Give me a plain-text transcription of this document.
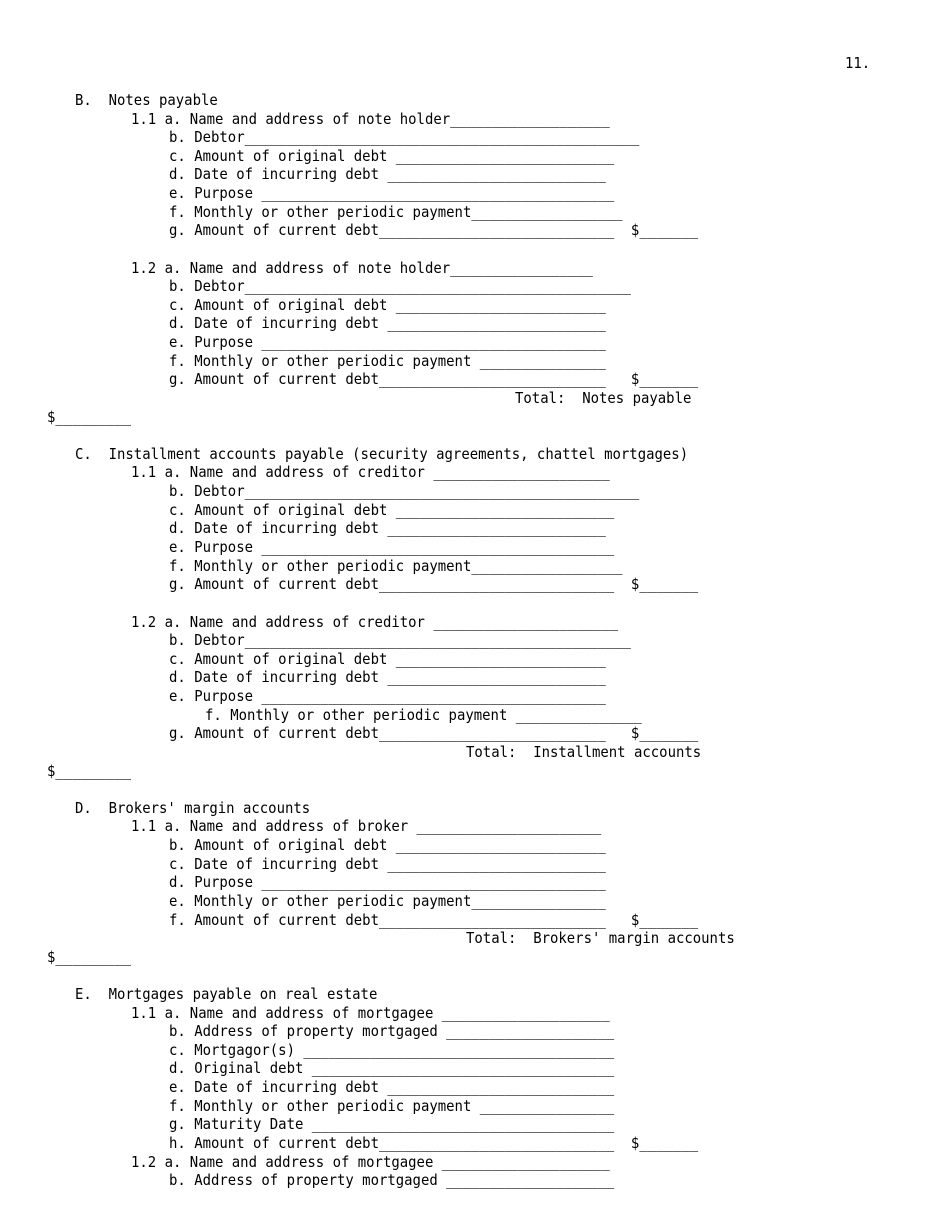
11.
B.  Notes payable
1.1 a. Name and address of note holder___________________
b. Debtor_______________________________________________
c. Amount of original debt __________________________
d. Date of incurring debt __________________________
e. Purpose __________________________________________
f. Monthly or other periodic payment__________________
g. Amount of current debt____________________________  $_______
1.2 a. Name and address of note holder_________________
b. Debtor______________________________________________
c. Amount of original debt _________________________
d. Date of incurring debt __________________________
e. Purpose _________________________________________
f. Monthly or other periodic payment _______________
g. Amount of current debt___________________________   $_______
Total:  Notes payable
$_________
C.  Installment accounts payable (security agreements, chattel mortgages)
1.1 a. Name and address of creditor _____________________
b. Debtor_______________________________________________
c. Amount of original debt __________________________
d. Date of incurring debt __________________________
e. Purpose __________________________________________
f. Monthly or other periodic payment__________________
g. Amount of current debt____________________________  $_______
1.2 a. Name and address of creditor ______________________
b. Debtor______________________________________________
c. Amount of original debt _________________________
d. Date of incurring debt __________________________
e. Purpose _________________________________________
f. Monthly or other periodic payment _______________
g. Amount of current debt___________________________   $_______
Total:  Installment accounts
$_________
D.  Brokers' margin accounts
1.1 a. Name and address of broker ______________________
b. Amount of original debt _________________________
c. Date of incurring debt __________________________
d. Purpose _________________________________________
e. Monthly or other periodic payment________________
f. Amount of current debt___________________________   $_______
Total:  Brokers' margin accounts
$_________
E.  Mortgages payable on real estate
1.1 a. Name and address of mortgagee ____________________
b. Address of property mortgaged ____________________
c. Mortgagor(s) _____________________________________
d. Original debt ____________________________________
e. Date of incurring debt ___________________________
f. Monthly or other periodic payment ________________
g. Maturity Date ____________________________________
h. Amount of current debt____________________________  $_______
1.2 a. Name and address of mortgagee ____________________
b. Address of property mortgaged ____________________
